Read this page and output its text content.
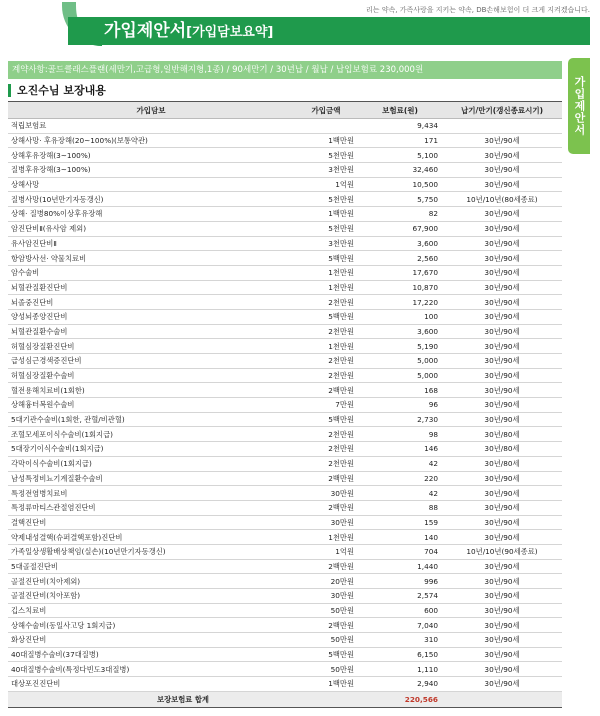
리는 약속, 가족사랑을 지키는 약속, DB손해보험이 더 크게 지켜겠습니다.
가입제안서[가입담보요약]
계약사항:골드클래스플랜(세만기,고급형,일반해지형,1종) / 90세만기 / 30년납 / 월납 / 납입보험료 230,000원
가입제안서
오진수님 보장내용
가입담보	가입금액	보험료(원)	납기/만기(갱신종료시기)
적립보험료		9,434	
상해사망· 후유장해(20~100%)(보통약관)	1백만원	171	30년/90세
상해후유장해(3~100%)	5천만원	5,100	30년/90세
질병후유장해(3~100%)	3천만원	32,460	30년/90세
상해사망	1억원	10,500	30년/90세
질병사망(10년만기자동갱신)	5천만원	5,750	10년/10년(80세종료)
상해· 질병80%이상후유장해	1백만원	82	30년/90세
암진단비Ⅱ(유사암 제외)	5천만원	67,900	30년/90세
유사암진단비Ⅱ	3천만원	3,600	30년/90세
항암방사선· 약물치료비	5백만원	2,560	30년/90세
암수술비	1천만원	17,670	30년/90세
뇌혈관질환진단비	1천만원	10,870	30년/90세
뇌졸중진단비	2천만원	17,220	30년/90세
양성뇌종양진단비	5백만원	100	30년/90세
뇌혈관질환수술비	2천만원	3,600	30년/90세
허혈심장질환진단비	1천만원	5,190	30년/90세
급성심근경색증진단비	2천만원	5,000	30년/90세
허혈심장질환수술비	2천만원	5,000	30년/90세
혈전용해치료비(1회한)	2백만원	168	30년/90세
상해흉터복원수술비	7만원	96	30년/90세
5대기관수술비(1회한, 관혈/비관혈)	5백만원	2,730	30년/90세
조혈모세포이식수술비(1회지급)	2천만원	98	30년/80세
5대장기이식수술비(1회지급)	2천만원	146	30년/80세
각막이식수술비(1회지급)	2천만원	42	30년/80세
남성특정비뇨기계질환수술비	2백만원	220	30년/90세
특정전염병치료비	30만원	42	30년/90세
특정류마티스관절염진단비	2백만원	88	30년/90세
결핵진단비	30만원	159	30년/90세
약제내성결핵(슈퍼결핵포함)진단비	1천만원	140	30년/90세
가족일상생활배상책임(실손)(10년만기자동갱신)	1억원	704	10년/10년(90세종료)
5대골절진단비	2백만원	1,440	30년/90세
골절진단비(치아제외)	20만원	996	30년/90세
골절진단비(치아포함)	30만원	2,574	30년/90세
깁스치료비	50만원	600	30년/90세
상해수술비(동일사고당 1회지급)	2백만원	7,040	30년/90세
화상진단비	50만원	310	30년/90세
40대질병수술비(37대질병)	5백만원	6,150	30년/90세
40대질병수술비(특정다빈도3대질병)	50만원	1,110	30년/90세
대상포진진단비	1백만원	2,940	30년/90세
보장보험료 합계		220,566	
